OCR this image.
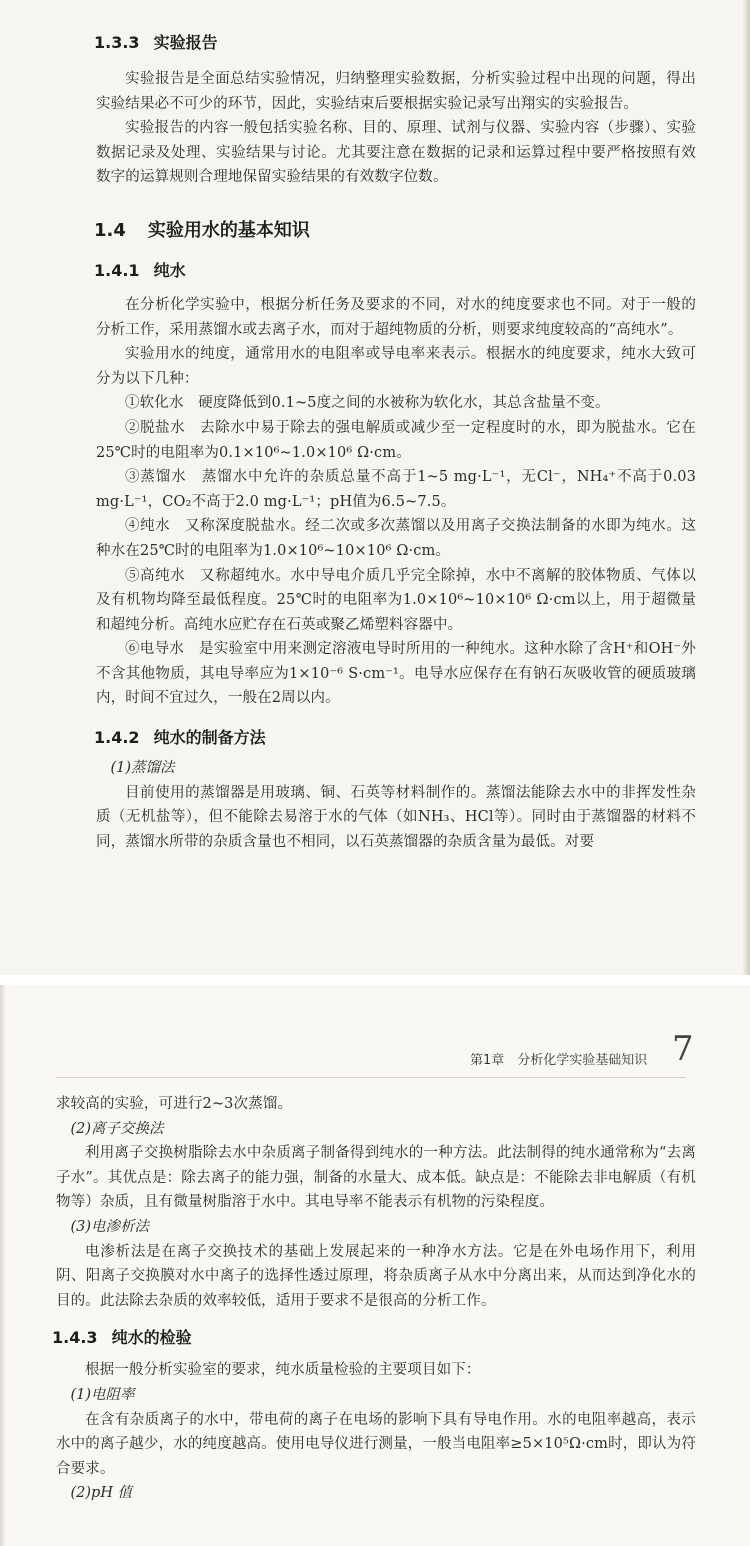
1.3.3 实验报告

实验报告是全面总结实验情况，归纳整理实验数据，分析实验过程中出现的问题，得出实验结果必不可少的环节，因此，实验结束后要根据实验记录写出翔实的实验报告。

实验报告的内容一般包括实验名称、目的、原理、试剂与仪器、实验内容（步骤）、实验数据记录及处理、实验结果与讨论。尤其要注意在数据的记录和运算过程中要严格按照有效数字的运算规则合理地保留实验结果的有效数字位数。

1.4 实验用水的基本知识
1.4.1 纯水

在分析化学实验中，根据分析任务及要求的不同，对水的纯度要求也不同。对于一般的分析工作，采用蒸馏水或去离子水，而对于超纯物质的分析，则要求纯度较高的“高纯水”。

实验用水的纯度，通常用水的电阻率或导电率来表示。根据水的纯度要求，纯水大致可分为以下几种：

①软化水　硬度降低到0.1~5度之间的水被称为软化水，其总含盐量不变。

②脱盐水　去除水中易于除去的强电解质或减少至一定程度时的水，即为脱盐水。它在25℃时的电阻率为0.1×10⁶~1.0×10⁶ Ω·cm。

③蒸馏水　蒸馏水中允许的杂质总量不高于1~5 mg·L⁻¹，无Cl⁻，NH₄⁺不高于0.03 mg·L⁻¹，CO₂不高于2.0 mg·L⁻¹；pH值为6.5~7.5。

④纯水　又称深度脱盐水。经二次或多次蒸馏以及用离子交换法制备的水即为纯水。这种水在25℃时的电阻率为1.0×10⁶~10×10⁶ Ω·cm。

⑤高纯水　又称超纯水。水中导电介质几乎完全除掉，水中不离解的胶体物质、气体以及有机物均降至最低程度。25℃时的电阻率为1.0×10⁶~10×10⁶ Ω·cm以上，用于超微量和超纯分析。高纯水应贮存在石英或聚乙烯塑料容器中。

⑥电导水　是实验室中用来测定溶液电导时所用的一种纯水。这种水除了含H⁺和OH⁻外不含其他物质，其电导率应为1×10⁻⁶ S·cm⁻¹。电导水应保存在有钠石灰吸收管的硬质玻璃内，时间不宜过久，一般在2周以内。

1.4.2 纯水的制备方法
(1)蒸馏法

目前使用的蒸馏器是用玻璃、铜、石英等材料制作的。蒸馏法能除去水中的非挥发性杂质（无机盐等），但不能除去易溶于水的气体（如NH₃、HCl等）。同时由于蒸馏器的材料不同，蒸馏水所带的杂质含量也不相同，以石英蒸馏器的杂质含量为最低。对要

第1章　分析化学实验基础知识 7

求较高的实验，可进行2~3次蒸馏。

(2)离子交换法

利用离子交换树脂除去水中杂质离子制备得到纯水的一种方法。此法制得的纯水通常称为“去离子水”。其优点是：除去离子的能力强，制备的水量大、成本低。缺点是：不能除去非电解质（有机物等）杂质，且有微量树脂溶于水中。其电导率不能表示有机物的污染程度。

(3)电渗析法

电渗析法是在离子交换技术的基础上发展起来的一种净水方法。它是在外电场作用下，利用阴、阳离子交换膜对水中离子的选择性透过原理，将杂质离子从水中分离出来，从而达到净化水的目的。此法除去杂质的效率较低，适用于要求不是很高的分析工作。

1.4.3 纯水的检验

根据一般分析实验室的要求，纯水质量检验的主要项目如下：

(1)电阻率

在含有杂质离子的水中，带电荷的离子在电场的影响下具有导电作用。水的电阻率越高，表示水中的离子越少，水的纯度越高。使用电导仪进行测量，一般当电阻率≥5×10⁵Ω·cm时，即认为符合要求。

(2)pH 值
